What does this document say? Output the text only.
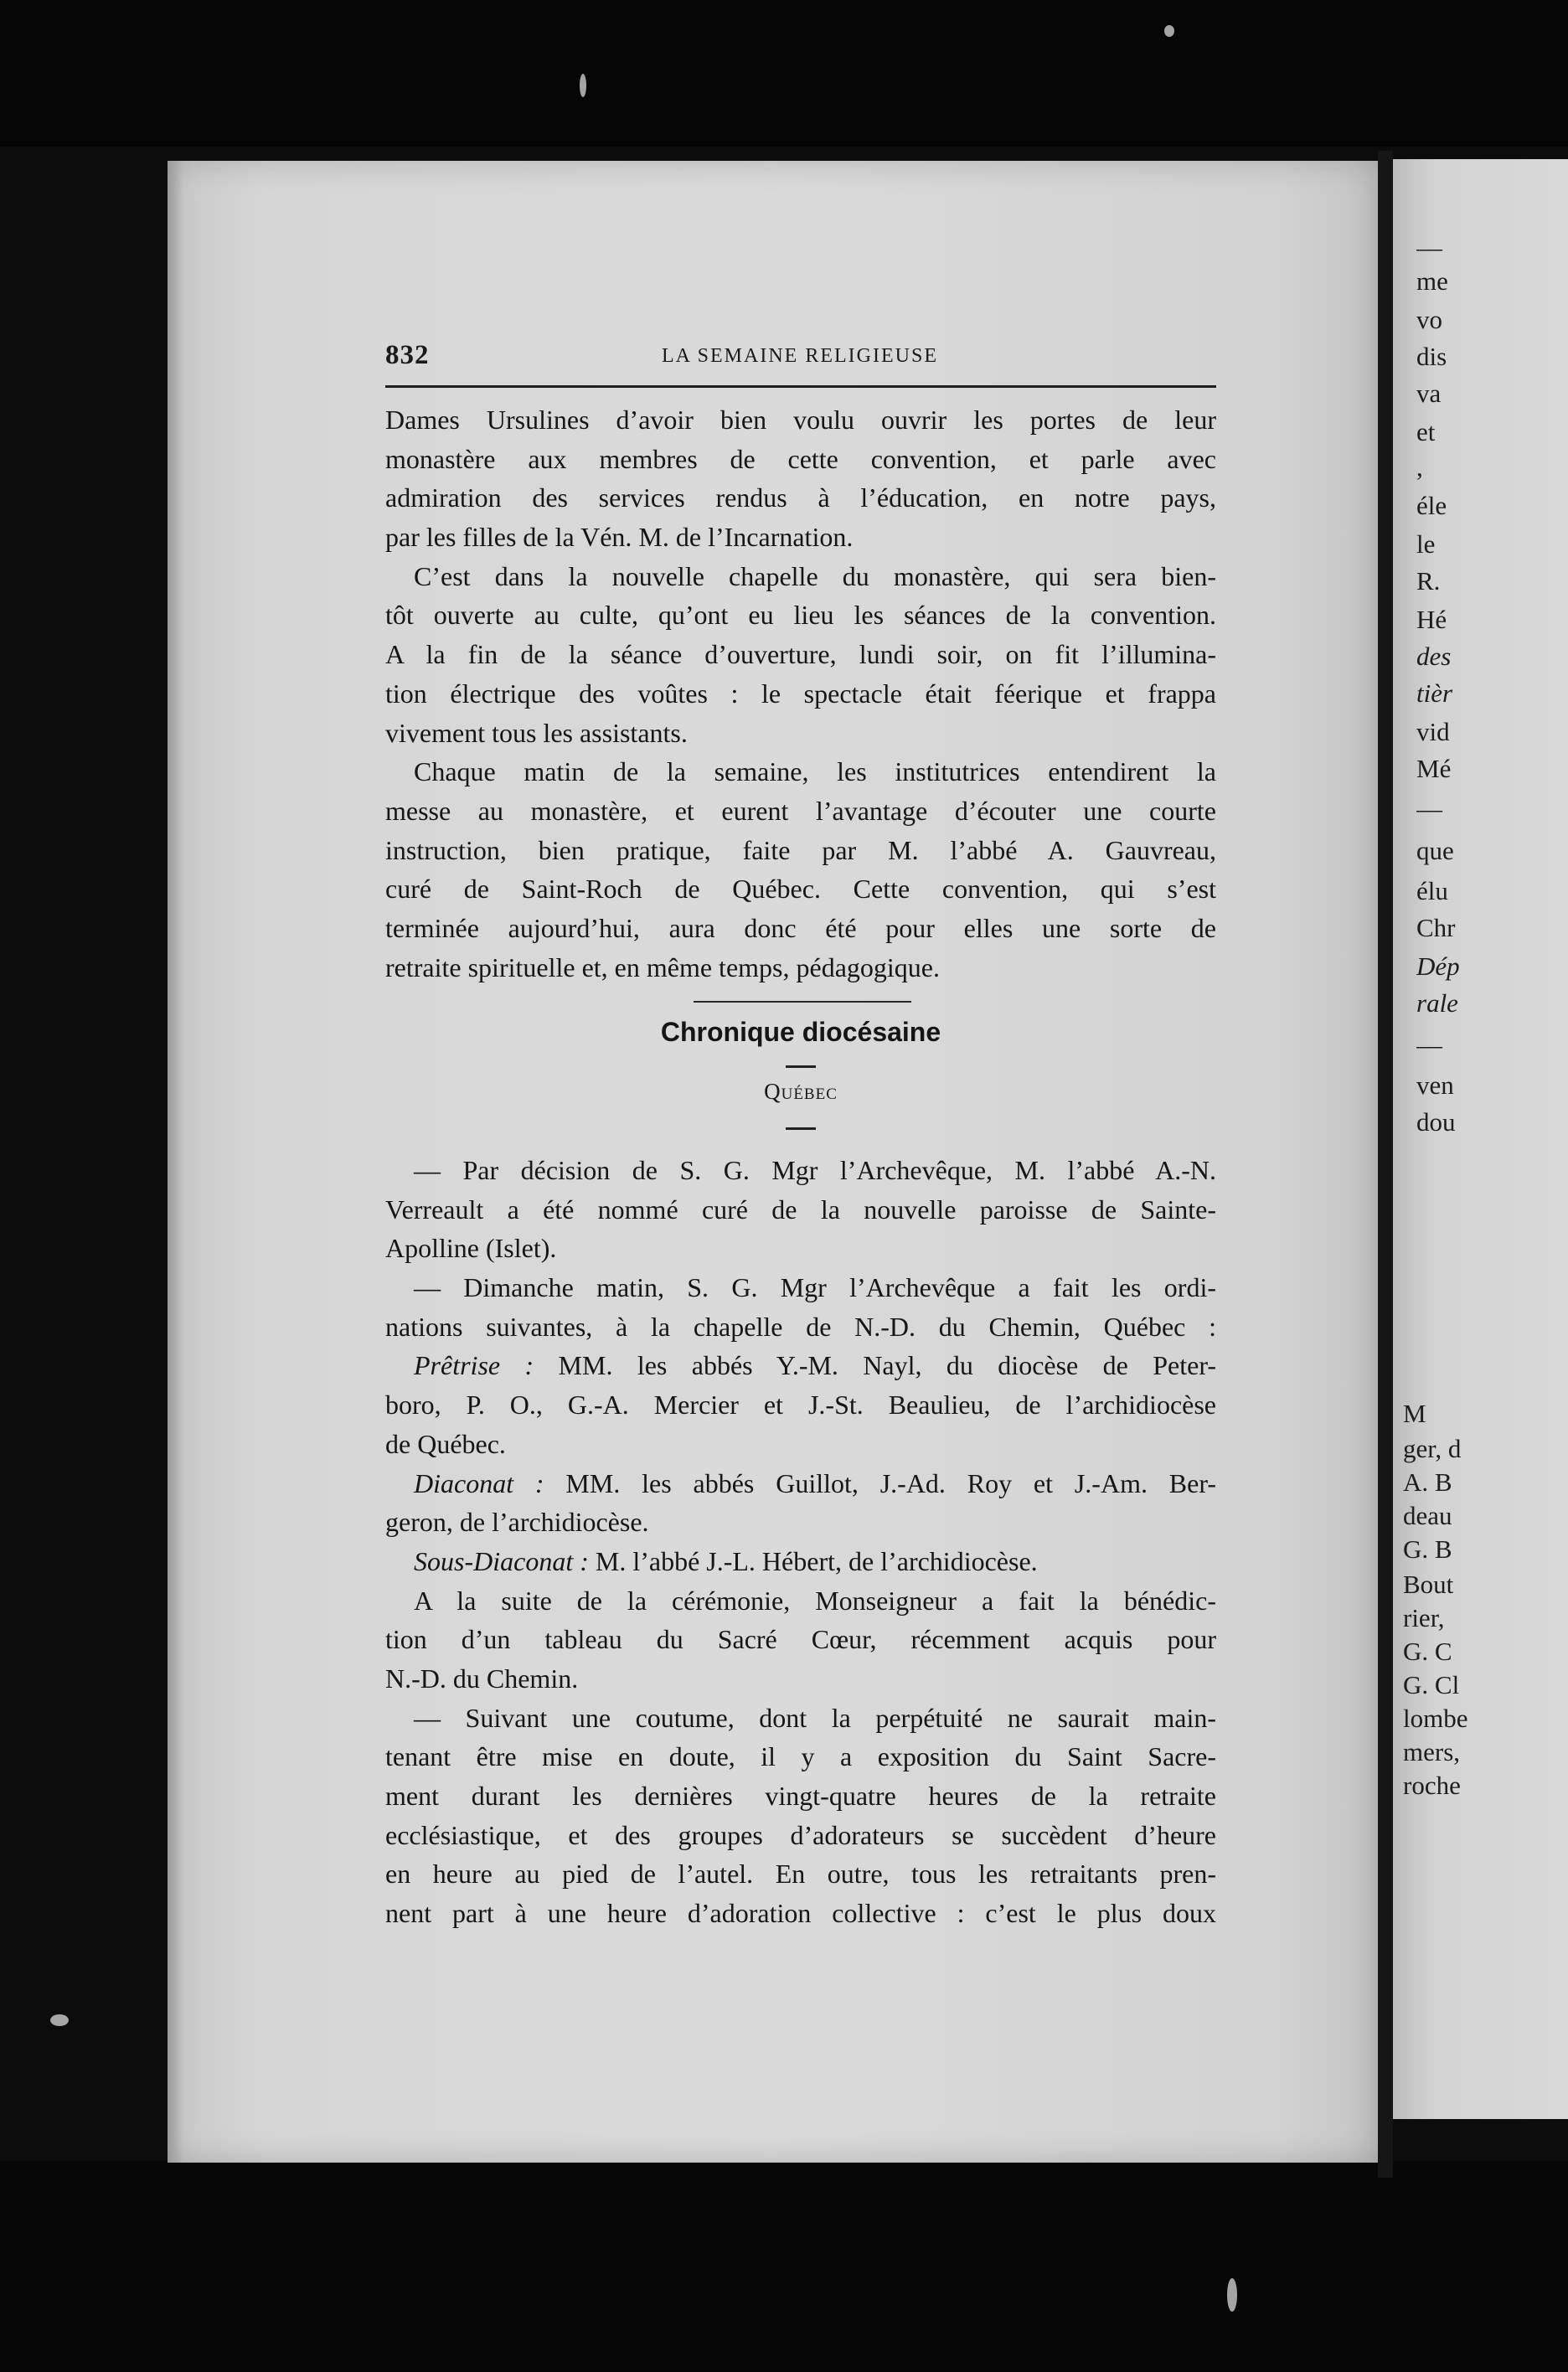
—
me
vo
dis
va
et
,
éle
le
R.
Hé
des
tièr
vid
Mé
—
que
élu
Chr
Dép
rale
—
ven
dou
M
ger, d
A. B
deau
G. B
Bout
rier,
G. C
G. Cl
lombe
mers,
roche
832	LA SEMAINE RELIGIEUSE
Dames Ursulines d’avoir bien voulu ouvrir les portes de leur
monastère aux membres de cette convention, et parle avec
admiration des services rendus à l’éducation, en notre pays,
par les filles de la Vén. M. de l’Incarnation.
C’est dans la nouvelle chapelle du monastère, qui sera bien-
tôt ouverte au culte, qu’ont eu lieu les séances de la convention.
A la fin de la séance d’ouverture, lundi soir, on fit l’illumina-
tion électrique des voûtes : le spectacle était féerique et frappa
vivement tous les assistants.
Chaque matin de la semaine, les institutrices entendirent la
messe au monastère, et eurent l’avantage d’écouter une courte
instruction, bien pratique, faite par M. l’abbé A. Gauvreau,
curé de Saint-Roch de Québec. Cette convention, qui s’est
terminée aujourd’hui, aura donc été pour elles une sorte de
retraite spirituelle et, en même temps, pédagogique.
Chronique diocésaine
Québec
— Par décision de S. G. Mgr l’Archevêque, M. l’abbé A.-N.
Verreault a été nommé curé de la nouvelle paroisse de Sainte-
Apolline (Islet).
— Dimanche matin, S. G. Mgr l’Archevêque a fait les ordi-
nations suivantes, à la chapelle de N.-D. du Chemin, Québec :
Prêtrise : MM. les abbés Y.-M. Nayl, du diocèse de Peter-
boro, P. O., G.-A. Mercier et J.-St. Beaulieu, de l’archidiocèse
de Québec.
Diaconat : MM. les abbés Guillot, J.-Ad. Roy et J.-Am. Ber-
geron, de l’archidiocèse.
Sous-Diaconat : M. l’abbé J.-L. Hébert, de l’archidiocèse.
A la suite de la cérémonie, Monseigneur a fait la bénédic-
tion d’un tableau du Sacré Cœur, récemment acquis pour
N.-D. du Chemin.
— Suivant une coutume, dont la perpétuité ne saurait main-
tenant être mise en doute, il y a exposition du Saint Sacre-
ment durant les dernières vingt-quatre heures de la retraite
ecclésiastique, et des groupes d’adorateurs se succèdent d’heure
en heure au pied de l’autel. En outre, tous les retraitants pren-
nent part à une heure d’adoration collective : c’est le plus doux
